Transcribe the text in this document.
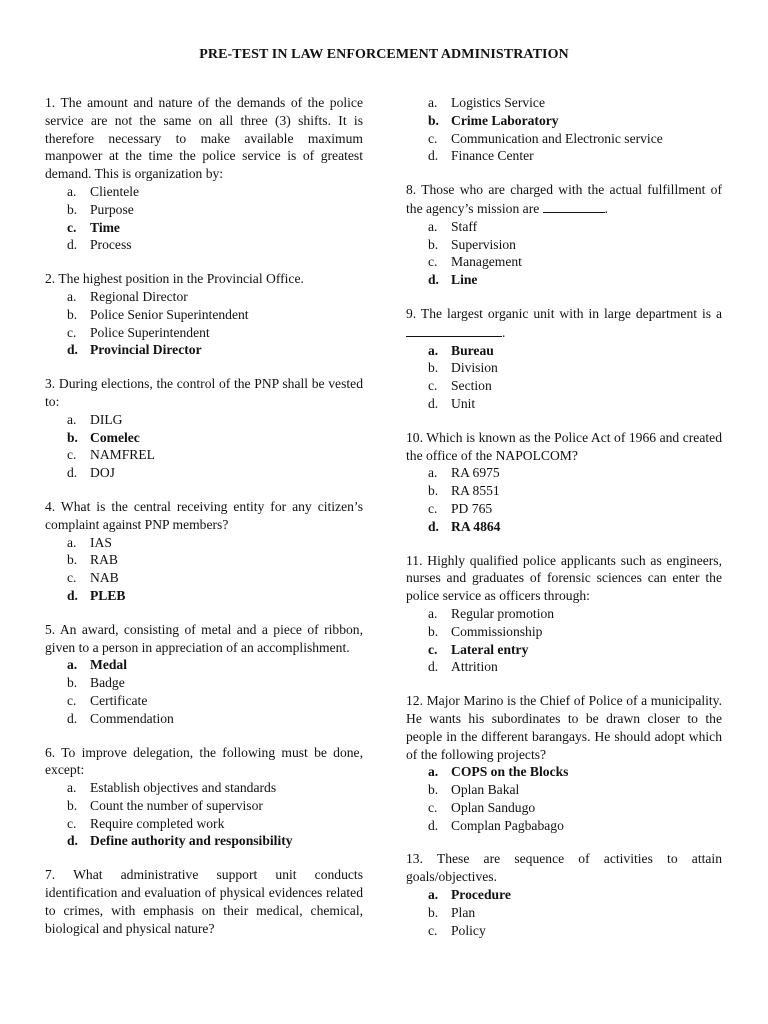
PRE-TEST IN LAW ENFORCEMENT ADMINISTRATION
1. The amount and nature of the demands of the police service are not the same on all three (3) shifts. It is therefore necessary to make available maximum manpower at the time the police service is of greatest demand. This is organization by:
a. Clientele
b. Purpose
c. Time
d. Process
2. The highest position in the Provincial Office.
a. Regional Director
b. Police Senior Superintendent
c. Police Superintendent
d. Provincial Director
3. During elections, the control of the PNP shall be vested to:
a. DILG
b. Comelec
c. NAMFREL
d. DOJ
4. What is the central receiving entity for any citizen’s complaint against PNP members?
a. IAS
b. RAB
c. NAB
d. PLEB
5. An award, consisting of metal and a piece of ribbon, given to a person in appreciation of an accomplishment.
a. Medal
b. Badge
c. Certificate
d. Commendation
6. To improve delegation, the following must be done, except:
a. Establish objectives and standards
b. Count the number of supervisor
c. Require completed work
d. Define authority and responsibility
7. What administrative support unit conducts identification and evaluation of physical evidences related to crimes, with emphasis on their medical, chemical, biological and physical nature?
a. Logistics Service
b. Crime Laboratory
c. Communication and Electronic service
d. Finance Center
8. Those who are charged with the actual fulfillment of the agency’s mission are	.
a. Staff
b. Supervision
c. Management
d. Line
9. The largest organic unit with in large department is a .
a. Bureau
b. Division
c. Section
d. Unit
10. Which is known as the Police Act of 1966 and created the office of the NAPOLCOM?
a. RA 6975
b. RA 8551
c. PD 765
d. RA 4864
11. Highly qualified police applicants such as engineers, nurses and graduates of forensic sciences can enter the police service as officers through:
a. Regular promotion
b. Commissionship
c. Lateral entry
d. Attrition
12. Major Marino is the Chief of Police of a municipality. He wants his subordinates to be drawn closer to the people in the different barangays. He should adopt which of the following projects?
a. COPS on the Blocks
b. Oplan Bakal
c. Oplan Sandugo
d. Complan Pagbabago
13. These are sequence of activities to attain goals/objectives.
a. Procedure
b. Plan
c. Policy
